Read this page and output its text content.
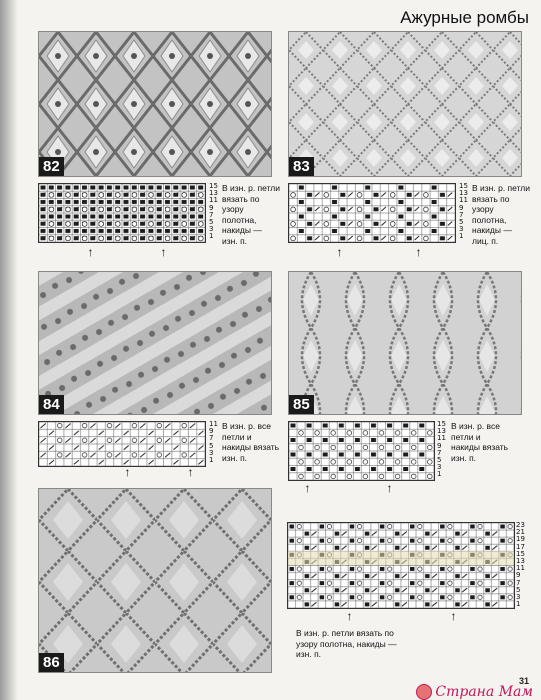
Ажурные ромбы
82	83
15
13
11
9
7
5
3
1
В изн. р. петли
вязать по
узору
полотна,
накиды —
изн. п.
↑	↑
15
13
11
9
7
5
3
1
В изн. р. петли
вязать по
узору
полотна,
накиды —
лиц. п.
↑	↑
84	85
11
9
7
5
3
1
В изн. р. все
петли и
накиды вязать
изн. п.
↑	↑
15
13
11
9
7
5
3
1
В изн. р. все
петли и
накиды вязать
изн. п.
↑	↑
86
23
21
19
17
15
13
11
9
7
5
3
1
↑	↑
В изн. р. петли вязать по
узору полотна, накиды —
изн. п.
31
Страна Мам
